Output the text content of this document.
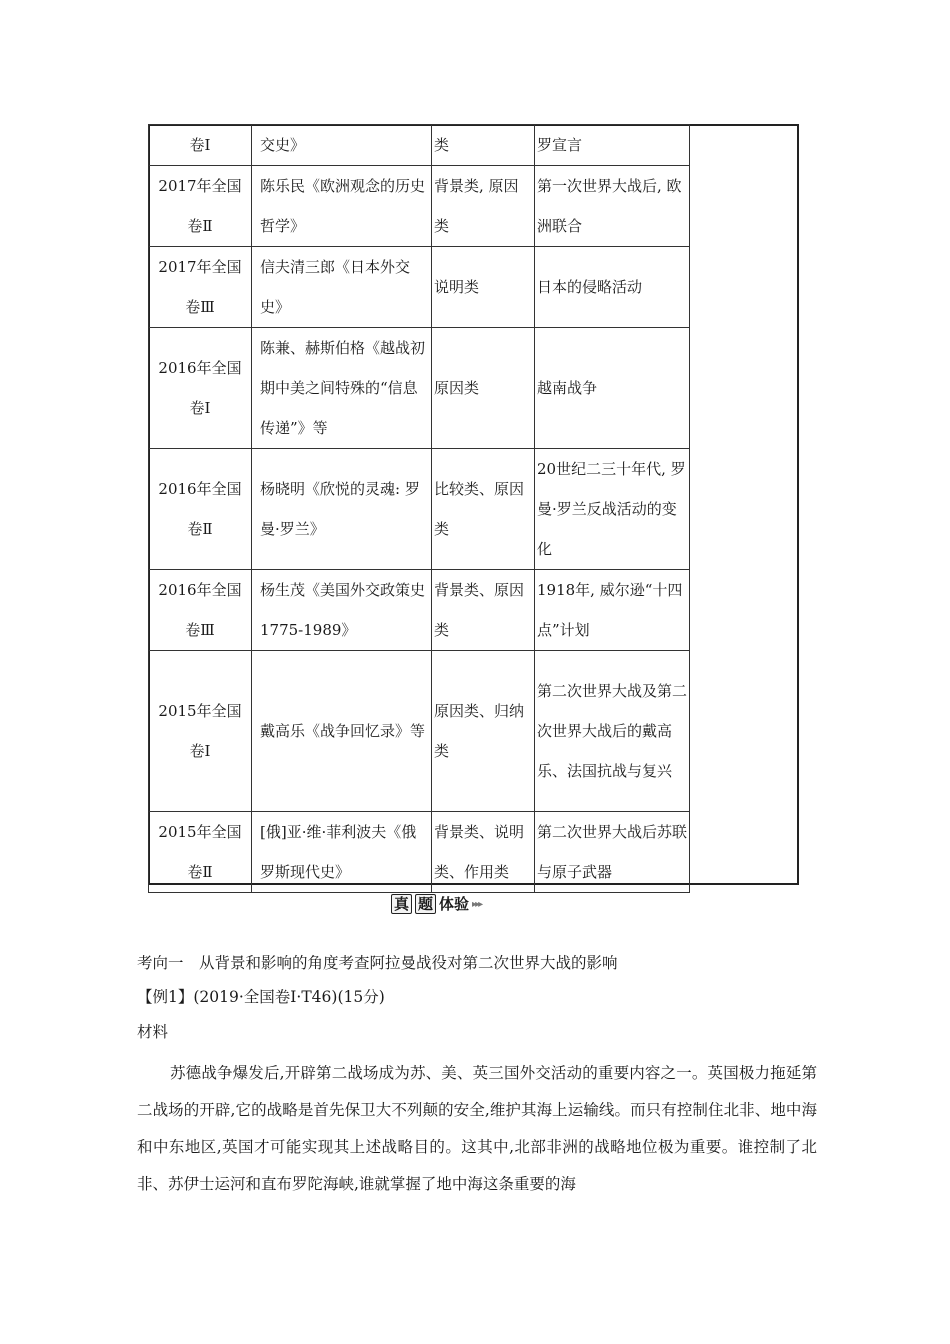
卷Ⅰ	交史》	类	罗宣言
2017年全国卷Ⅱ	陈乐民《欧洲观念的历史哲学》	背景类, 原因类	第一次世界大战后, 欧洲联合
2017年全国卷Ⅲ	信夫清三郎《日本外交史》	说明类	日本的侵略活动
2016年全国卷Ⅰ	陈兼、赫斯伯格《越战初期中美之间特殊的“信息传递”》等	原因类	越南战争
2016年全国卷Ⅱ	杨晓明《欣悦的灵魂: 罗曼·罗兰》	比较类、原因类	20世纪二三十年代, 罗曼·罗兰反战活动的变化
2016年全国卷Ⅲ	杨生茂《美国外交政策史1775-1989》	背景类、原因类	1918年, 威尔逊“十四点”计划
2015年全国卷Ⅰ	戴高乐《战争回忆录》等	原因类、归纳类	第二次世界大战及第二次世界大战后的戴高乐、法国抗战与复兴
2015年全国卷Ⅱ	[俄]亚·维·菲利波夫《俄罗斯现代史》	背景类、说明类、作用类	第二次世界大战后苏联与原子武器
真 题 体验 ▸▸▸
考向一　从背景和影响的角度考查阿拉曼战役对第二次世界大战的影响
【例1】(2019·全国卷Ⅰ·T46)(15分)
材料
苏德战争爆发后,开辟第二战场成为苏、美、英三国外交活动的重要内容之一。英国极力拖延第二战场的开辟,它的战略是首先保卫大不列颠的安全,维护其海上运输线。而只有控制住北非、地中海和中东地区,英国才可能实现其上述战略目的。这其中,北部非洲的战略地位极为重要。谁控制了北非、苏伊士运河和直布罗陀海峡,谁就掌握了地中海这条重要的海
